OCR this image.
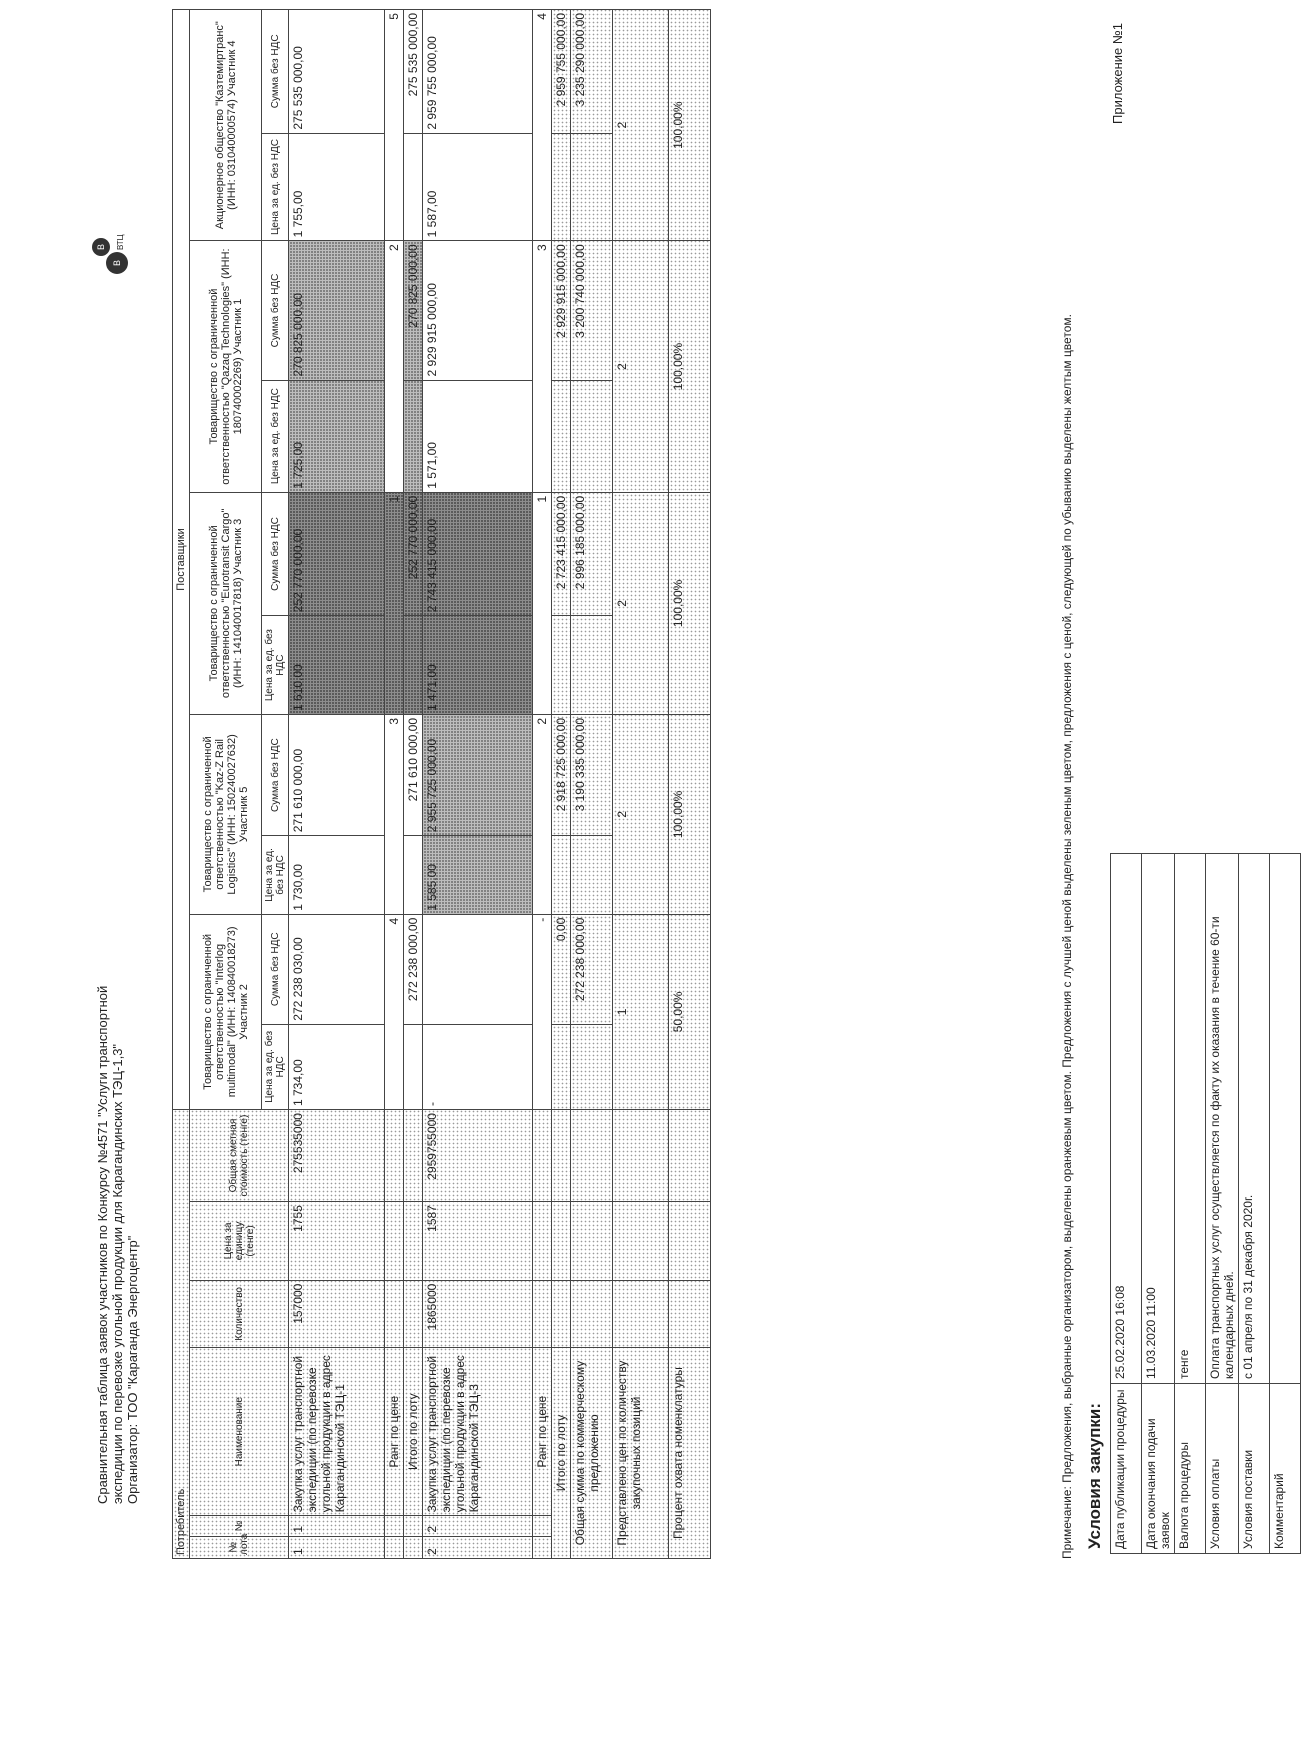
В
В
ВТЦ
Сравнительная таблица заявок участников по Конкурсу №4571 "Услуги транспортной экспедиции по перевозке угольной продукции для Карагандинских ТЭЦ-1,3" Организатор: ТОО "Караганда Энергоцентр"
Потребитель						Поставщики									
№ лота	№	Наименование	Количество	Цена за единицу (тенге)	Общая сметная стоимость (тенге)	Товарищество с ограниченной ответственностью "Interlog multimodal" (ИНН: 140840018273) Участник 2		Товарищество с ограниченной ответственностью "Kaz-Z Rail Logistics" (ИНН: 150240027632) Участник 5		Товарищество с ограниченной ответственностью "Eurotransit Cargo" (ИНН: 141040017818) Участник 3		Товарищество с ограниченной ответственностью "Qazaq Technologies" (ИНН: 180740002269) Участник 1		Акционерное общество "Казтемиртранс" (ИНН: 031040000574) Участник 4	
						Цена за ед. без НДС	Сумма без НДС	Цена за ед. без НДС	Сумма без НДС	Цена за ед. без НДС	Сумма без НДС	Цена за ед. без НДС	Сумма без НДС	Цена за ед. без НДС	Сумма без НДС
1	1	Закупка услуг транспортной экспедиции (по перевозке угольной продукции в адрес Карагандинской ТЭЦ-1	157000	1755	275535000	1 734,00	272 238 030,00	1 730,00	271 610 000,00	1 610,00	252 770 000,00	1 725,00	270 825 000,00	1 755,00	275 535 000,00
		Ранг по цене				4		3		1		2		5	
		Итого по лоту					272 238 000,00		271 610 000,00		252 770 000,00		270 825 000,00		275 535 000,00
2	2	Закупка услуг транспортной экспедиции (по перевозке угольной продукции в адрес Карагандинской ТЭЦ-3	1865000	1587	2959755000	-		1 585,00	2 955 725 000,00	1 471,00	2 743 415 000,00	1 571,00	2 929 915 000,00	1 587,00	2 959 755 000,00
		Ранг по цене				-		2		1		3		4	
Итого по лоту							0,00		2 918 725 000,00		2 723 415 000,00		2 929 915 000,00		2 959 755 000,00
Общая сумма по коммерческому предложению							272 238 000,00		3 190 335 000,00		2 996 185 000,00		3 200 740 000,00		3 235 290 000,00
Представлено цен по количеству закупочных позиций						1		2		2		2		2	
Процент охвата номенклатуры						50,00%		100,00%		100,00%		100,00%		100,00%	
Примечание: Предложения, выбранные организатором, выделены оранжевым цветом. Предложения с лучшей ценой выделены зеленым цветом, предложения с ценой, следующей по убыванию выделены желтым цветом. Условия закупки: Дата публикации процедуры	25.02.2020 16:08
Дата окончания подачи заявок	11.03.2020 11:00
Валюта процедуры	тенге
Условия оплаты	Оплата транспортных услуг осуществляется по факту их оказания в течение 60-ти календарных дней.
Условия поставки	с 01 апреля по 31 декабря 2020г.
Комментарий	
Приложение №1
